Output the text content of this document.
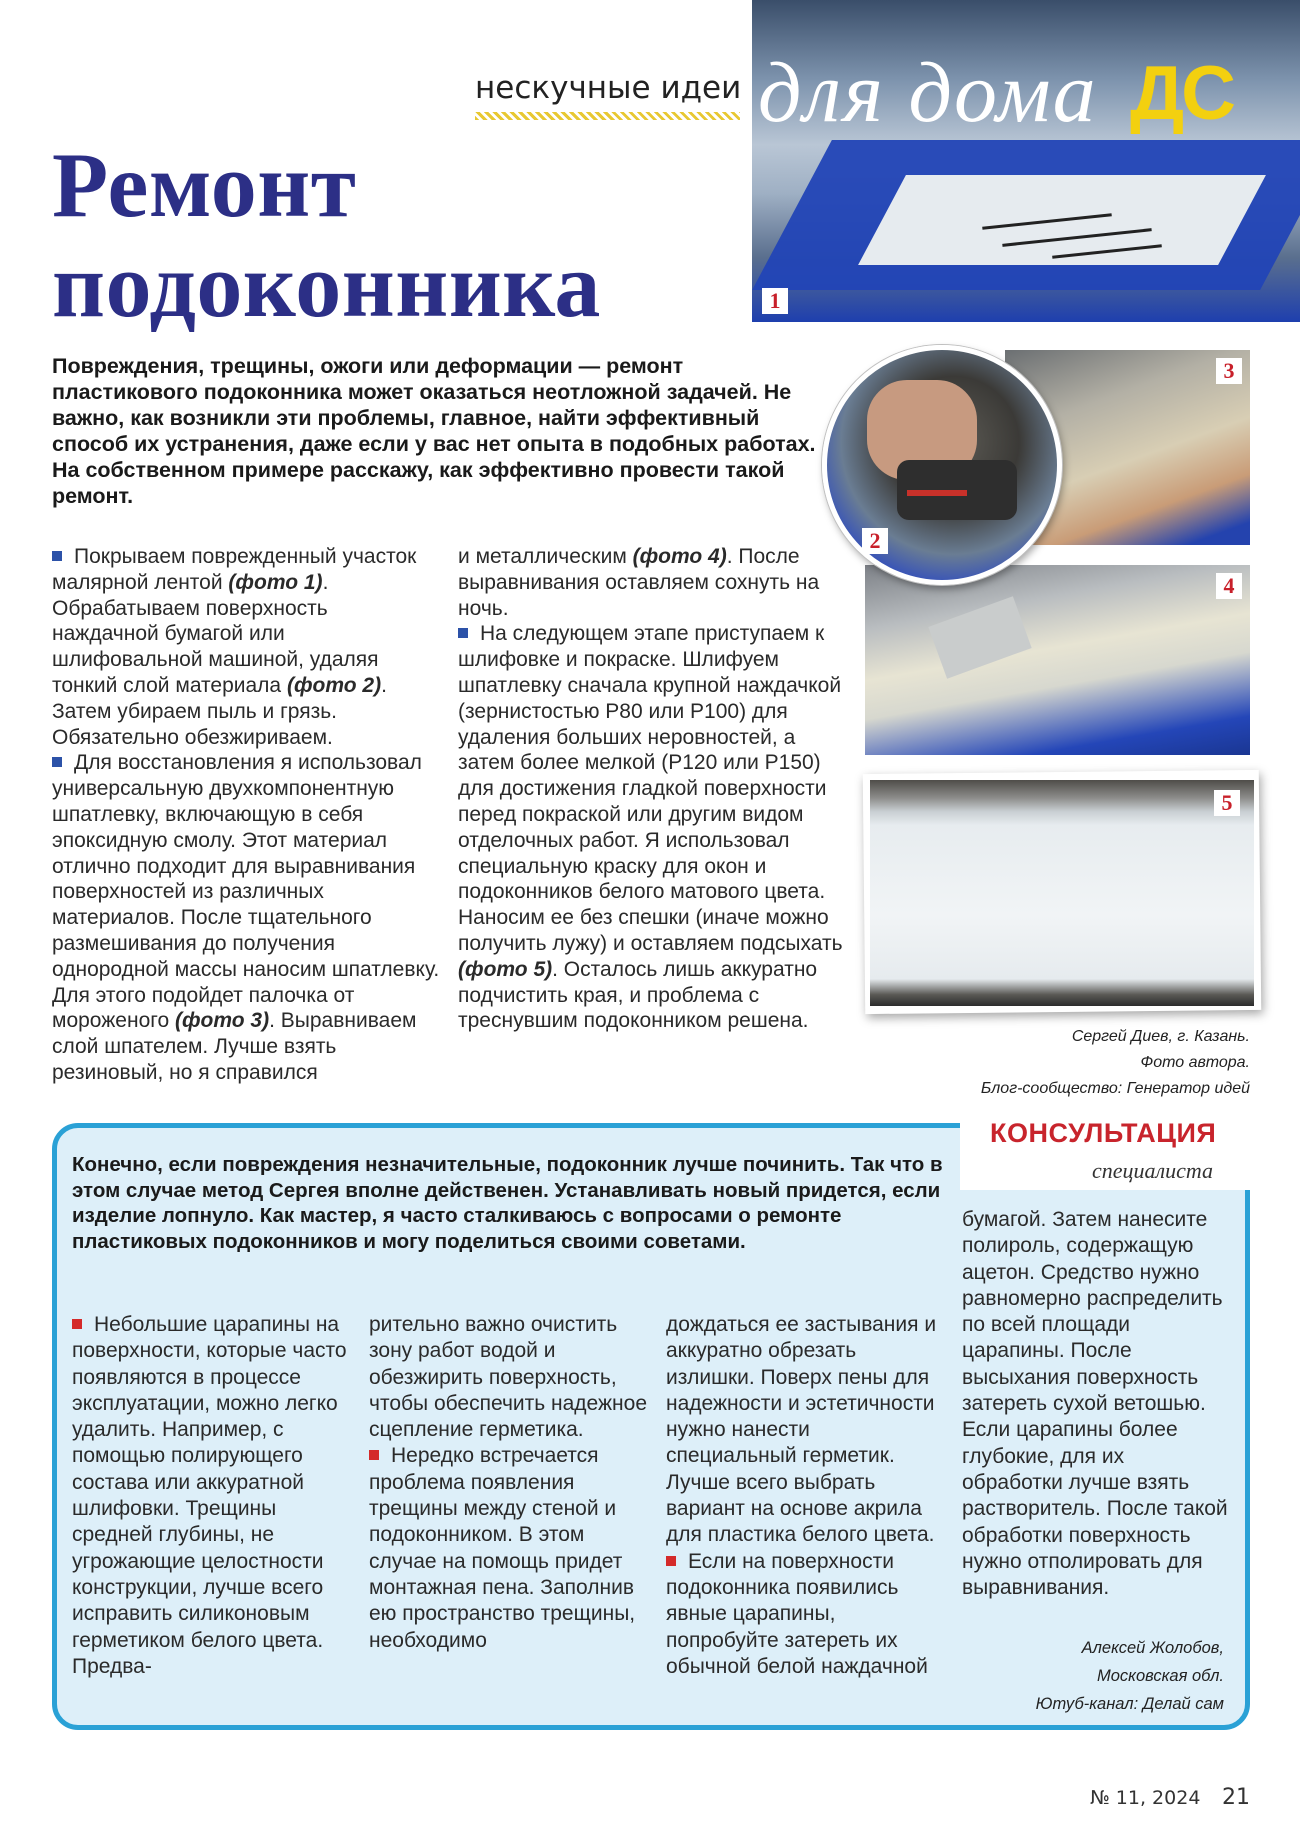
нескучные идеи
1
для дома ДС
Ремонт
подоконника
Повреждения, трещины, ожоги или деформации — ремонт пластикового подоконника может оказаться неотложной задачей. Не важно, как возникли эти проблемы, главное, найти эффективный способ их устранения, даже если у вас нет опыта в подобных работах. На собственном примере расскажу, как эффективно провести такой ремонт.
3
2
4
5

Покрываем поврежденный участок малярной лентой (фото 1). Обрабатываем поверхность наждачной бумагой или шлифовальной машиной, удаляя тонкий слой материала (фото 2). Затем убираем пыль и грязь. Обязательно обезжириваем.

Для восстановления я использовал универсальную двухкомпонентную шпатлевку, включающую в себя эпоксидную смолу. Этот материал отлично подходит для выравнивания поверхностей из различных материалов. После тщательного размешивания до получения однородной массы наносим шпатлевку. Для этого подойдет палочка от мороженого (фото 3). Выравниваем слой шпателем. Лучше взять резиновый, но я справился

и металлическим (фото 4). После выравнивания оставляем сохнуть на ночь.

На следующем этапе приступаем к шлифовке и покраске. Шлифуем шпатлевку сначала крупной наждачкой (зернистостью Р80 или Р100) для удаления больших неровностей, а затем более мелкой (Р120 или Р150) для достижения гладкой поверхности перед покраской или другим видом отделочных работ. Я использовал специальную краску для окон и подоконников белого матового цвета. Наносим ее без спешки (иначе можно получить лужу) и оставляем подсыхать (фото 5). Осталось лишь аккуратно подчистить края, и проблема с треснувшим подоконником решена.

Сергей Диев, г. Казань.
Фото автора.
Блог-сообщество: Генератор идей
КОНСУЛЬТАЦИЯ
специалиста
Конечно, если повреждения незначительные, подоконник лучше починить. Так что в этом случае метод Сергея вполне действенен. Устанавливать новый придется, если изделие лопнуло. Как мастер, я часто сталкиваюсь с вопросами о ремонте пластиковых подоконников и могу поделиться своими советами.

Небольшие царапины на поверхности, которые часто появляются в процессе эксплуатации, можно легко удалить. Например, с помощью полирующего состава или аккуратной шлифовки. Трещины средней глубины, не угрожающие целостности конструкции, лучше всего исправить силиконовым герметиком белого цвета. Предва-

рительно важно очистить зону работ водой и обезжирить поверхность, чтобы обеспечить надежное сцепление герметика.

Нередко встречается проблема появления трещины между стеной и подоконником. В этом случае на помощь придет монтажная пена. Заполнив ею пространство трещины, необходимо

дождаться ее застывания и аккуратно обрезать излишки. Поверх пены для надежности и эстетичности нужно нанести специальный герметик. Лучше всего выбрать вариант на основе акрила для пластика белого цвета.

Если на поверхности подоконника появились явные царапины, попробуйте затереть их обычной белой наждачной

бумагой. Затем нанесите полироль, содержащую ацетон. Средство нужно равномерно распределить по всей площади царапины. После высыхания поверхность затереть сухой ветошью. Если царапины более глубокие, для их обработки лучше взять растворитель. После такой обработки поверхность нужно отполировать для выравнивания.

Алексей Жолобов,
Московская обл.
Ютуб-канал: Делай сам
№ 11, 2024 21
